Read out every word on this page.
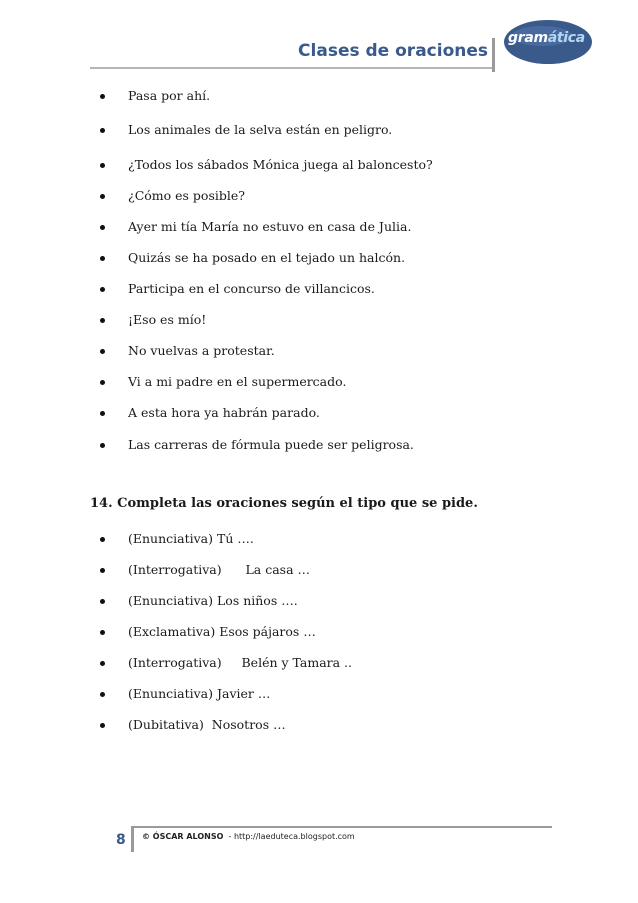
Clases de oraciones
gramática
Pasa por ahí.
Los animales de la selva están en peligro.
¿Todos los sábados Mónica juega al baloncesto?
¿Cómo es posible?
Ayer mi tía María no estuvo en casa de Julia.
Quizás se ha posado en el tejado un halcón.
Participa en el concurso de villancicos.
¡Eso es mío!
No vuelvas a protestar.
Vi a mi padre en el supermercado.
A esta hora ya habrán parado.
Las carreras de fórmula puede ser peligrosa.
14. Completa las oraciones según el tipo que se pide.
(Enunciativa) Tú ….
(Interrogativa)      La casa …
(Enunciativa) Los niños ….
(Exclamativa) Esos pájaros …
(Interrogativa)     Belén y Tamara ..
(Enunciativa) Javier …
(Dubitativa)  Nosotros …
8 © ÓSCAR ALONSO  - http://laeduteca.blogspot.com
